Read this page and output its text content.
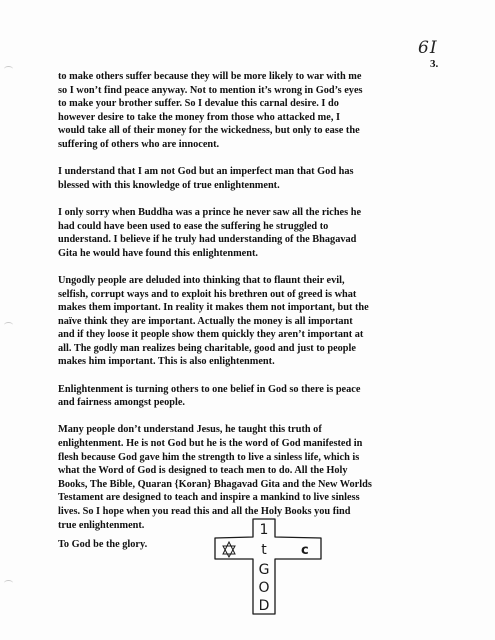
6I
3.
to make others suffer because they will be more likely to war with me
so I won’t find peace anyway. Not to mention it’s wrong in God’s eyes
to make your brother suffer. So I devalue this carnal desire. I do
however desire to take the money from those who attacked me, I
would take all of their money for the wickedness, but only to ease the
suffering of others who are innocent.
I understand that I am not God but an imperfect man that God has
blessed with this knowledge of true enlightenment.
I only sorry when Buddha was a prince he never saw all the riches he
had could have been used to ease the suffering he struggled to
understand. I believe if he truly had understanding of the Bhagavad
Gita he would have found this enlightenment.
Ungodly people are deluded into thinking that to flaunt their evil,
selfish, corrupt ways and to exploit his brethren out of greed is what
makes them important. In reality it makes them not important, but the
naïve think they are important. Actually the money is all important
and if they loose it people show them quickly they aren’t important at
all. The godly man realizes being charitable, good and just to people
makes him important. This is also enlightenment.
Enlightenment is turning others to one belief in God so there is peace
and fairness amongst people.
Many people don’t understand Jesus, he taught this truth of
enlightenment. He is not God but he is the word of God manifested in
flesh because God gave him the strength to live a sinless life, which is
what the Word of God is designed to teach men to do. All the Holy
Books, The Bible, Quaran {Koran} Bhagavad Gita and the New Worlds
Testament are designed to teach and inspire a mankind to live sinless
lives. So I hope when you read this and all the Holy Books you find
true enlightenment.
To God be the glory.	c
1
t
G
O
D
